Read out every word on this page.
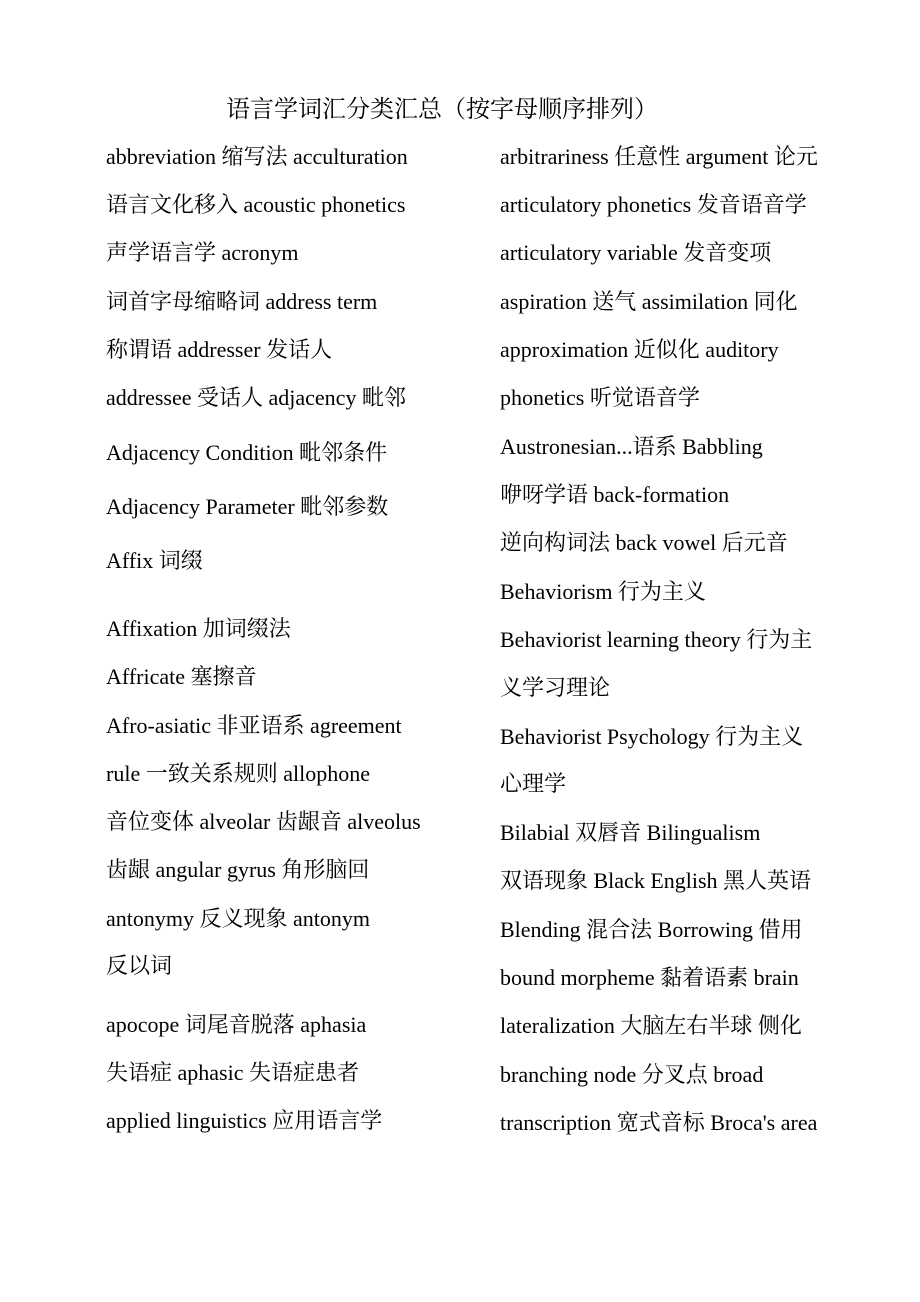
语言学词汇分类汇总（按字母顺序排列）
abbreviation 缩写法 acculturation
语言文化移入 acoustic phonetics
声学语言学 acronym
词首字母缩略词 address term
称谓语 addresser 发话人
addressee 受话人 adjacency 毗邻
Adjacency Condition 毗邻条件
Adjacency Parameter 毗邻参数
Affix 词缀
Affixation 加词缀法
Affricate 塞擦音
Afro-asiatic 非亚语系 agreement
rule 一致关系规则 allophone
音位变体 alveolar 齿龈音 alveolus
齿龈 angular gyrus 角形脑回
antonymy 反义现象 antonym
反以词
apocope 词尾音脱落 aphasia
失语症 aphasic 失语症患者
applied linguistics 应用语言学
arbitrariness 任意性 argument 论元
articulatory phonetics 发音语音学
articulatory variable 发音变项
aspiration 送气 assimilation 同化
approximation 近似化 auditory
phonetics 听觉语音学
Austronesian...语系 Babbling
咿呀学语 back-formation
逆向构词法 back vowel 后元音
Behaviorism 行为主义
Behaviorist learning theory 行为主
义学习理论
Behaviorist Psychology 行为主义
心理学
Bilabial 双唇音 Bilingualism
双语现象 Black English 黑人英语
Blending 混合法 Borrowing 借用
bound morpheme 黏着语素 brain
lateralization 大脑左右半球 侧化
branching node 分叉点 broad
transcription 宽式音标 Broca's area
